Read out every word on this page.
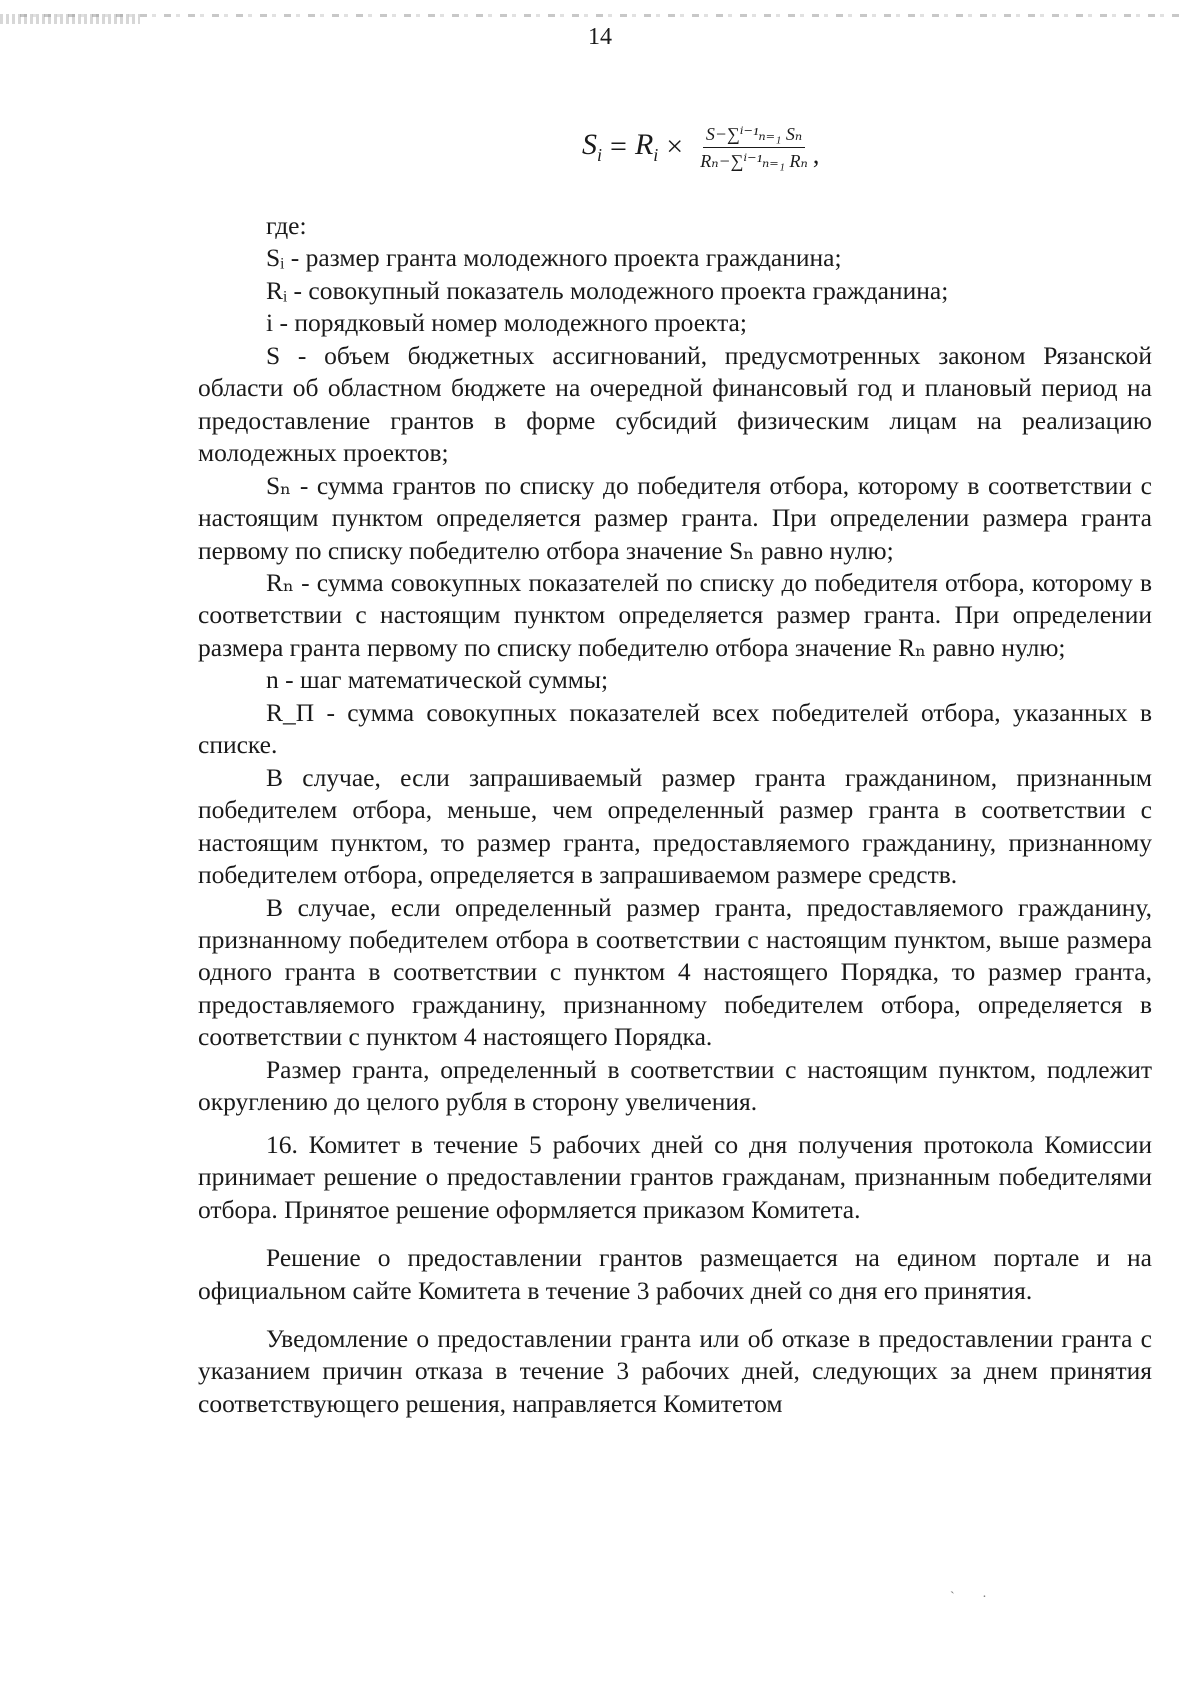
14
$S_i = R_i \times \frac{\text{S−∑ⁱ⁻¹ₙ₌₁ Sₙ}}{\text{Rₙ−∑ⁱ⁻¹ₙ₌₁ Rₙ}}$ ,

где:

Sᵢ - размер гранта молодежного проекта гражданина;

Rᵢ - совокупный показатель молодежного проекта гражданина;

i - порядковый номер молодежного проекта;

S - объем бюджетных ассигнований, предусмотренных законом Рязанской области об областном бюджете на очередной финансовый год и плановый период на предоставление грантов в форме субсидий физическим лицам на реализацию молодежных проектов;

Sₙ - сумма грантов по списку до победителя отбора, которому в соответствии с настоящим пунктом определяется размер гранта. При определении размера гранта первому по списку победителю отбора значение Sₙ равно нулю;

Rₙ - сумма совокупных показателей по списку до победителя отбора, которому в соответствии с настоящим пунктом определяется размер гранта. При определении размера гранта первому по списку победителю отбора значение Rₙ равно нулю;

n - шаг математической суммы;

R_П - сумма совокупных показателей всех победителей отбора, указанных в списке.

В случае, если запрашиваемый размер гранта гражданином, признанным победителем отбора, меньше, чем определенный размер гранта в соответствии с настоящим пунктом, то размер гранта, предоставляемого гражданину, признанному победителем отбора, определяется в запрашиваемом размере средств.

В случае, если определенный размер гранта, предоставляемого гражданину, признанному победителем отбора в соответствии с настоящим пунктом, выше размера одного гранта в соответствии с пунктом 4 настоящего Порядка, то размер гранта, предоставляемого гражданину, признанному победителем отбора, определяется в соответствии с пунктом 4 настоящего Порядка.

Размер гранта, определенный в соответствии с настоящим пунктом, подлежит округлению до целого рубля в сторону увеличения.

16. Комитет в течение 5 рабочих дней со дня получения протокола Комиссии принимает решение о предоставлении грантов гражданам, признанным победителями отбора. Принятое решение оформляется приказом Комитета.

Решение о предоставлении грантов размещается на едином портале и на официальном сайте Комитета в течение 3 рабочих дней со дня его принятия.

Уведомление о предоставлении гранта или об отказе в предоставлении гранта с указанием причин отказа в течение 3 рабочих дней, следующих за днем принятия соответствующего решения, направляется Комитетом

` ·
